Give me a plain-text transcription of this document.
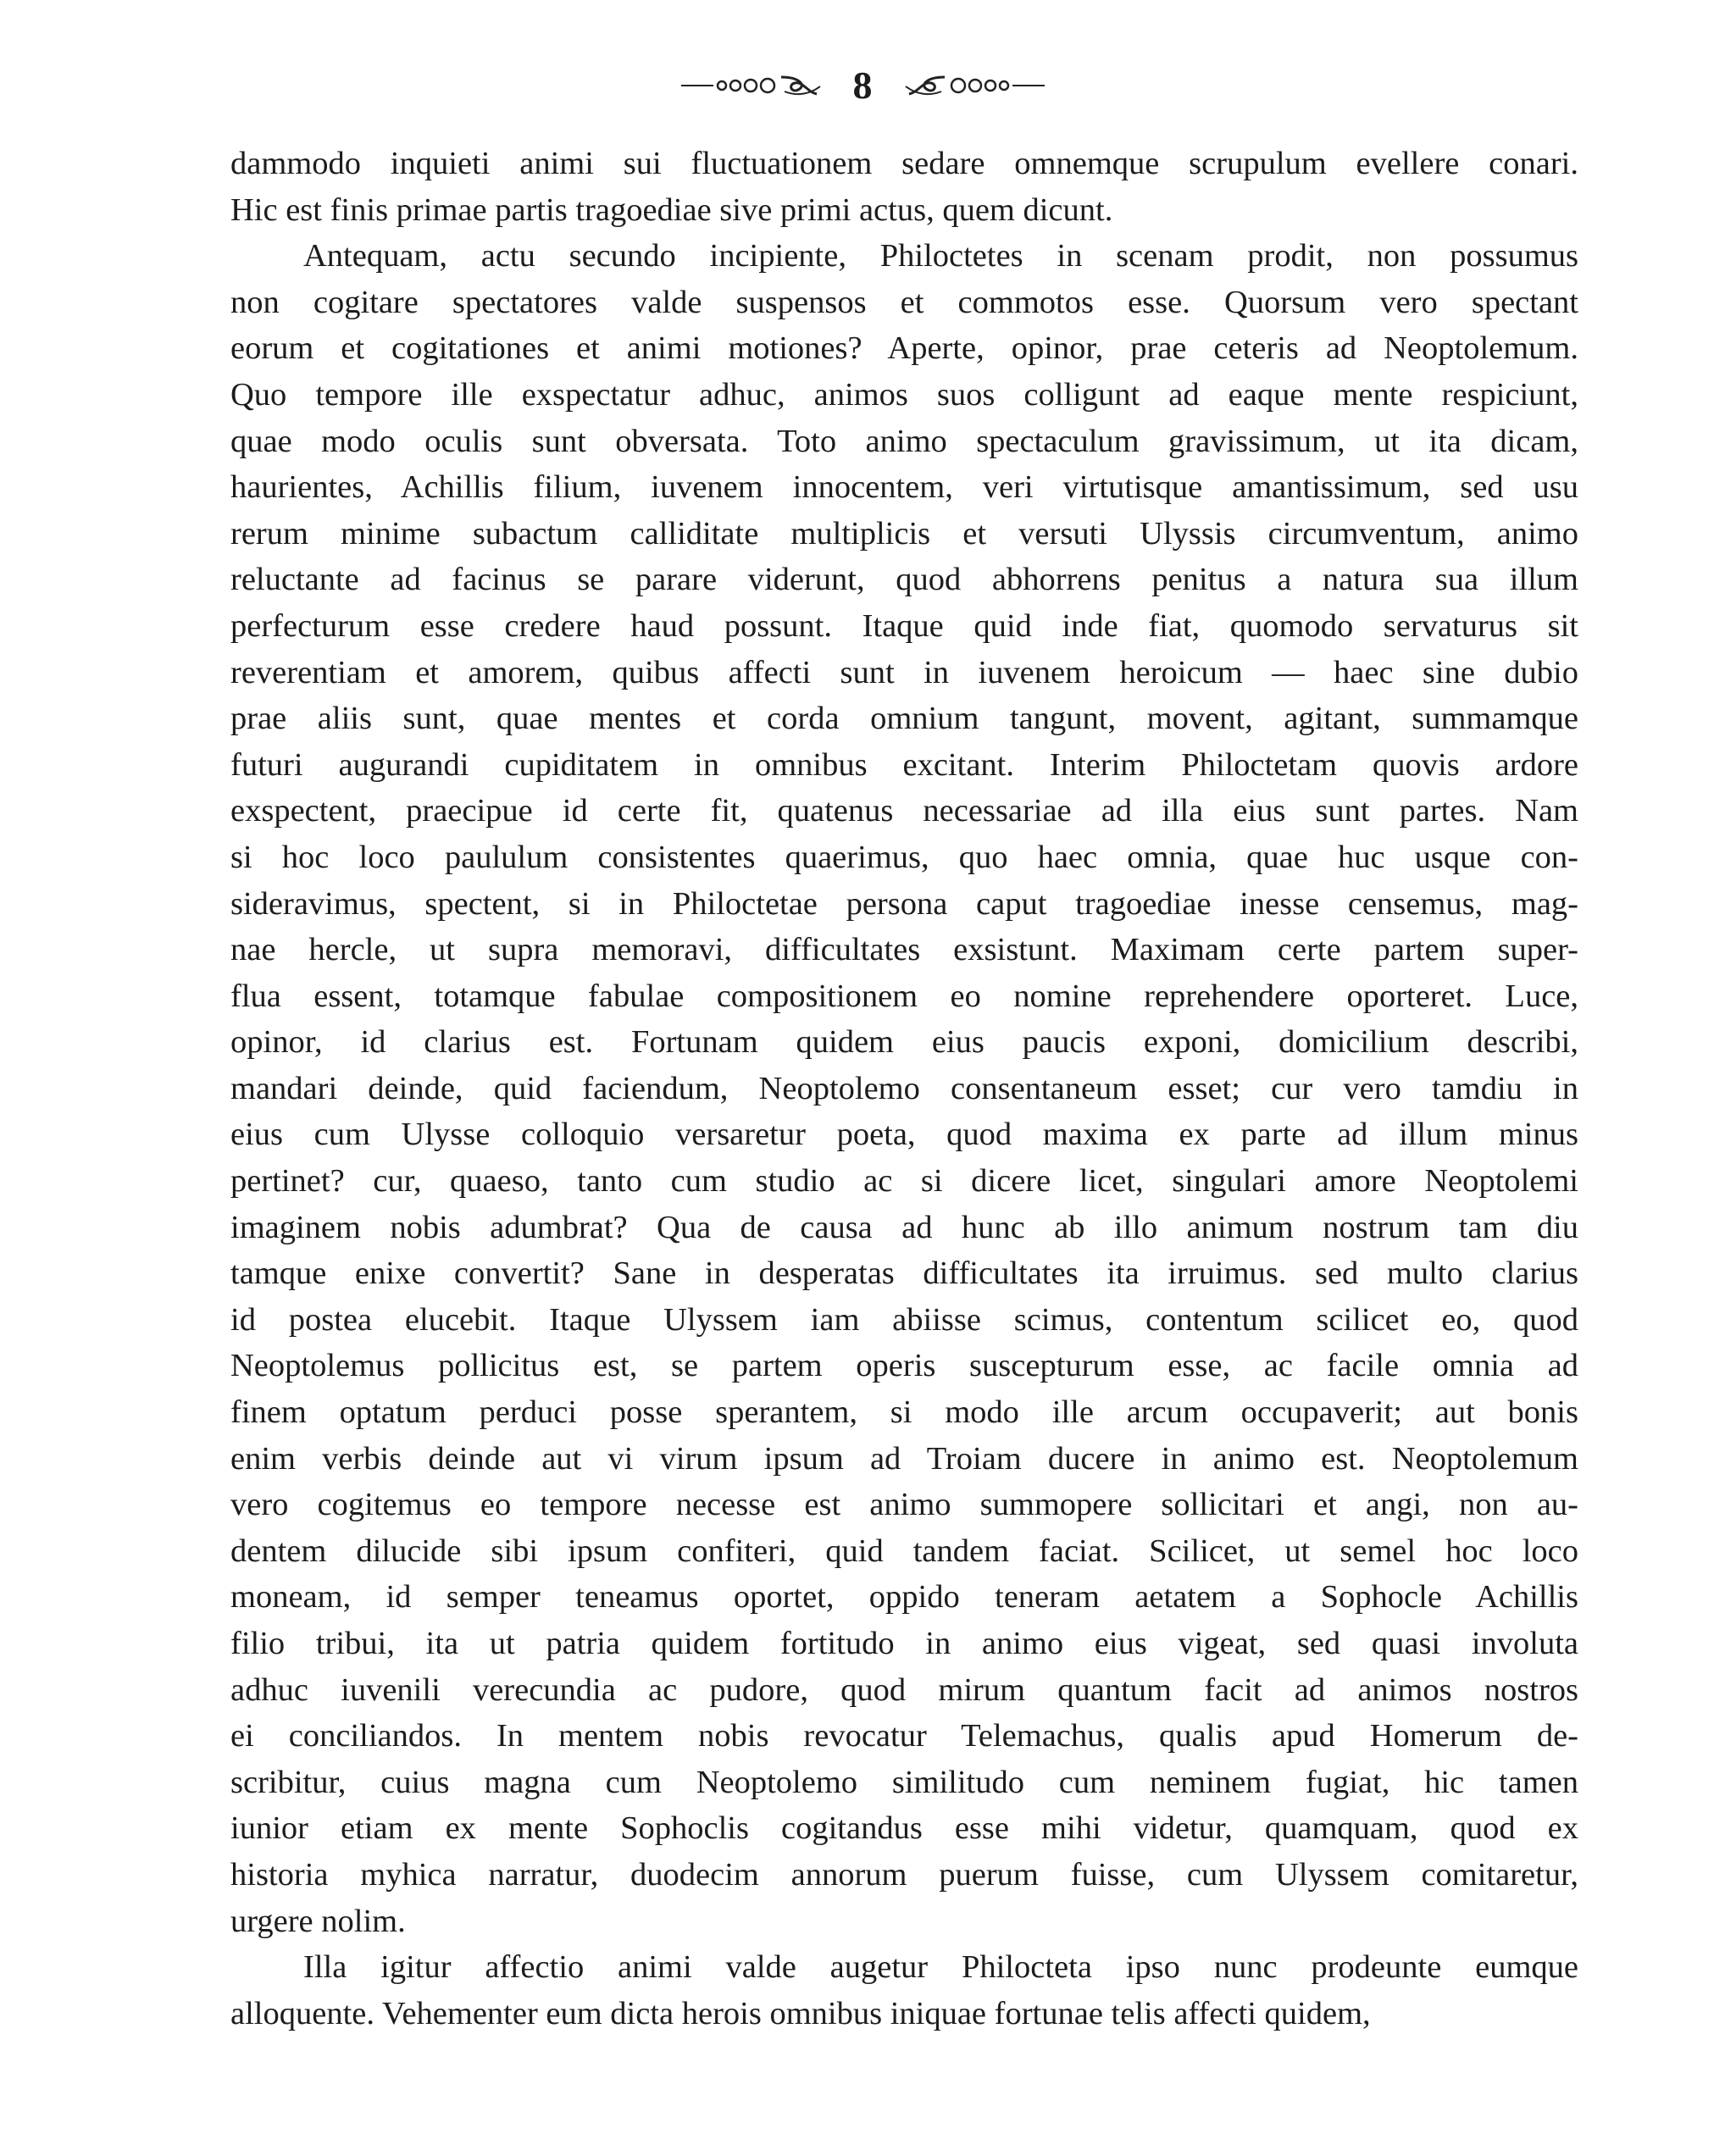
8
dammodo inquieti animi sui fluctuationem sedare omnemque scrupulum evellere conari.
Hic est finis primae partis tragoediae sive primi actus, quem dicunt.
Antequam, actu secundo incipiente, Philoctetes in scenam prodit, non possumus
non cogitare spectatores valde suspensos et commotos esse. Quorsum vero spectant
eorum et cogitationes et animi motiones? Aperte, opinor, prae ceteris ad Neoptolemum.
Quo tempore ille exspectatur adhuc, animos suos colligunt ad eaque mente respiciunt,
quae modo oculis sunt obversata. Toto animo spectaculum gravissimum, ut ita dicam,
haurientes, Achillis filium, iuvenem innocentem, veri virtutisque amantissimum, sed usu
rerum minime subactum calliditate multiplicis et versuti Ulyssis circumventum, animo
reluctante ad facinus se parare viderunt, quod abhorrens penitus a natura sua illum
perfecturum esse credere haud possunt. Itaque quid inde fiat, quomodo servaturus sit
reverentiam et amorem, quibus affecti sunt in iuvenem heroicum — haec sine dubio
prae aliis sunt, quae mentes et corda omnium tangunt, movent, agitant, summamque
futuri augurandi cupiditatem in omnibus excitant. Interim Philoctetam quovis ardore
exspectent, praecipue id certe fit, quatenus necessariae ad illa eius sunt partes. Nam
si hoc loco paululum consistentes quaerimus, quo haec omnia, quae huc usque con-
sideravimus, spectent, si in Philoctetae persona caput tragoediae inesse censemus, mag-
nae hercle, ut supra memoravi, difficultates exsistunt. Maximam certe partem super-
flua essent, totamque fabulae compositionem eo nomine reprehendere oporteret. Luce,
opinor, id clarius est. Fortunam quidem eius paucis exponi, domicilium describi,
mandari deinde, quid faciendum, Neoptolemo consentaneum esset; cur vero tamdiu in
eius cum Ulysse colloquio versaretur poeta, quod maxima ex parte ad illum minus
pertinet? cur, quaeso, tanto cum studio ac si dicere licet, singulari amore Neoptolemi
imaginem nobis adumbrat? Qua de causa ad hunc ab illo animum nostrum tam diu
tamque enixe convertit? Sane in desperatas difficultates ita irruimus. sed multo clarius
id postea elucebit. Itaque Ulyssem iam abiisse scimus, contentum scilicet eo, quod
Neoptolemus pollicitus est, se partem operis suscepturum esse, ac facile omnia ad
finem optatum perduci posse sperantem, si modo ille arcum occupaverit; aut bonis
enim verbis deinde aut vi virum ipsum ad Troiam ducere in animo est. Neoptolemum
vero cogitemus eo tempore necesse est animo summopere sollicitari et angi, non au-
dentem dilucide sibi ipsum confiteri, quid tandem faciat. Scilicet, ut semel hoc loco
moneam, id semper teneamus oportet, oppido teneram aetatem a Sophocle Achillis
filio tribui, ita ut patria quidem fortitudo in animo eius vigeat, sed quasi involuta
adhuc iuvenili verecundia ac pudore, quod mirum quantum facit ad animos nostros
ei conciliandos. In mentem nobis revocatur Telemachus, qualis apud Homerum de-
scribitur, cuius magna cum Neoptolemo similitudo cum neminem fugiat, hic tamen
iunior etiam ex mente Sophoclis cogitandus esse mihi videtur, quamquam, quod ex
historia myhica narratur, duodecim annorum puerum fuisse, cum Ulyssem comitaretur,
urgere nolim.
Illa igitur affectio animi valde augetur Philocteta ipso nunc prodeunte eumque
alloquente. Vehementer eum dicta herois omnibus iniquae fortunae telis affecti quidem,
